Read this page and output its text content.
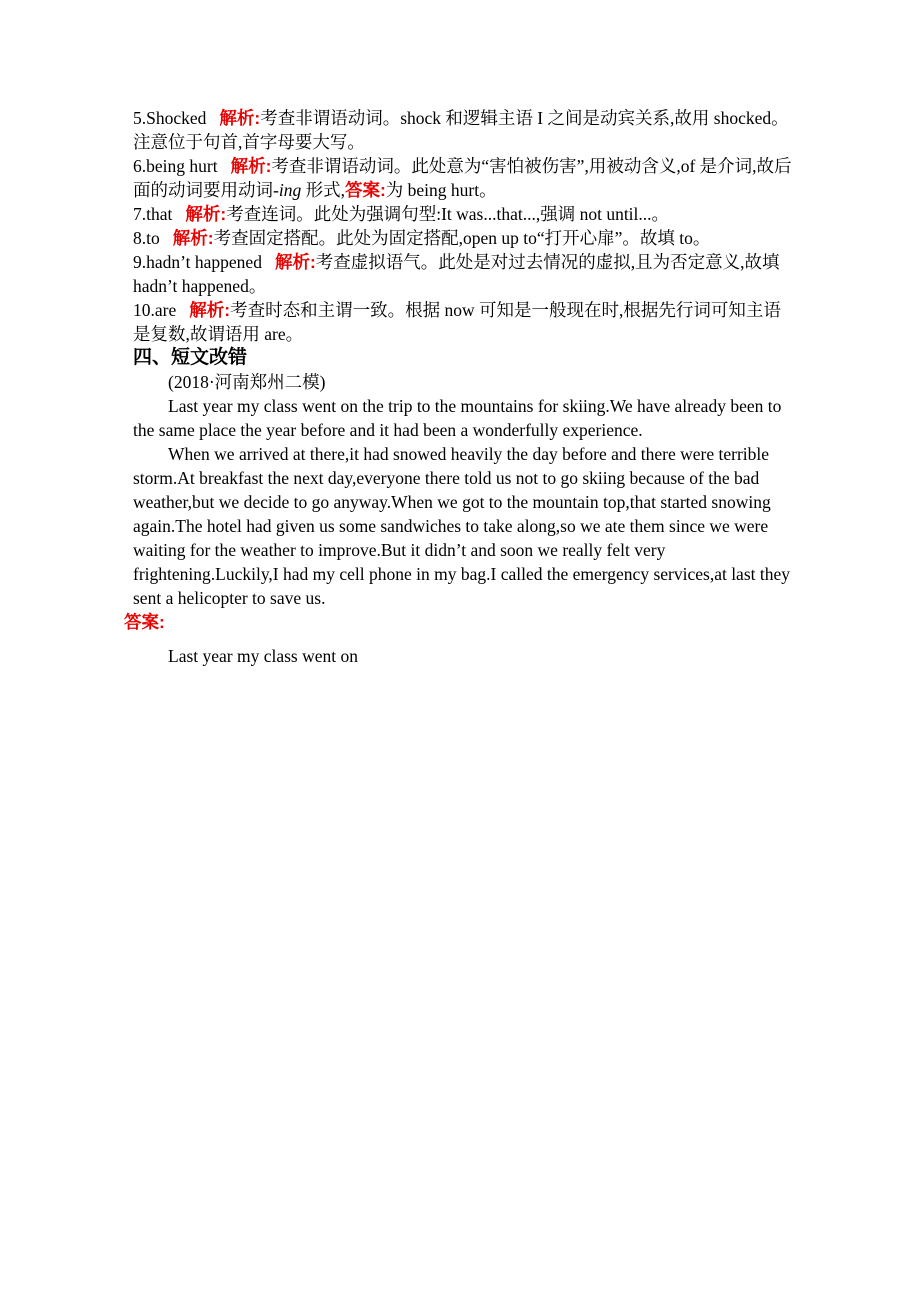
5.Shocked 解析:考查非谓语动词。shock 和逻辑主语 I 之间是动宾关系,故用 shocked。注意位于句首,首字母要大写。

6.being hurt 解析:考查非谓语动词。此处意为“害怕被伤害”,用被动含义,of 是介词,故后面的动词要用动词-ing 形式,答案:为 being hurt。

7.that 解析:考查连词。此处为强调句型:It was...that...,强调 not until...。

8.to 解析:考查固定搭配。此处为固定搭配,open up to“打开心扉”。故填 to。

9.hadn’t happened 解析:考查虚拟语气。此处是对过去情况的虚拟,且为否定意义,故填 hadn’t happened。

10.are 解析:考查时态和主谓一致。根据 now 可知是一般现在时,根据先行词可知主语是复数,故谓语用 are。

四、短文改错

(2018·河南郑州二模)

Last year my class went on the trip to the mountains for skiing.We have already been to the same place the year before and it had been a wonderfully experience.

When we arrived at there,it had snowed heavily the day before and there were terrible storm.At breakfast the next day,everyone there told us not to go skiing because of the bad weather,but we decide to go anyway.When we got to the mountain top,that started snowing again.The hotel had given us some sandwiches to take along,so we ate them since we were waiting for the weather to improve.But it didn’t and soon we really felt very frightening.Luckily,I had my cell phone in my bag.I called the emergency services,at last they sent a helicopter to save us.

答案:

Last year my class went on
